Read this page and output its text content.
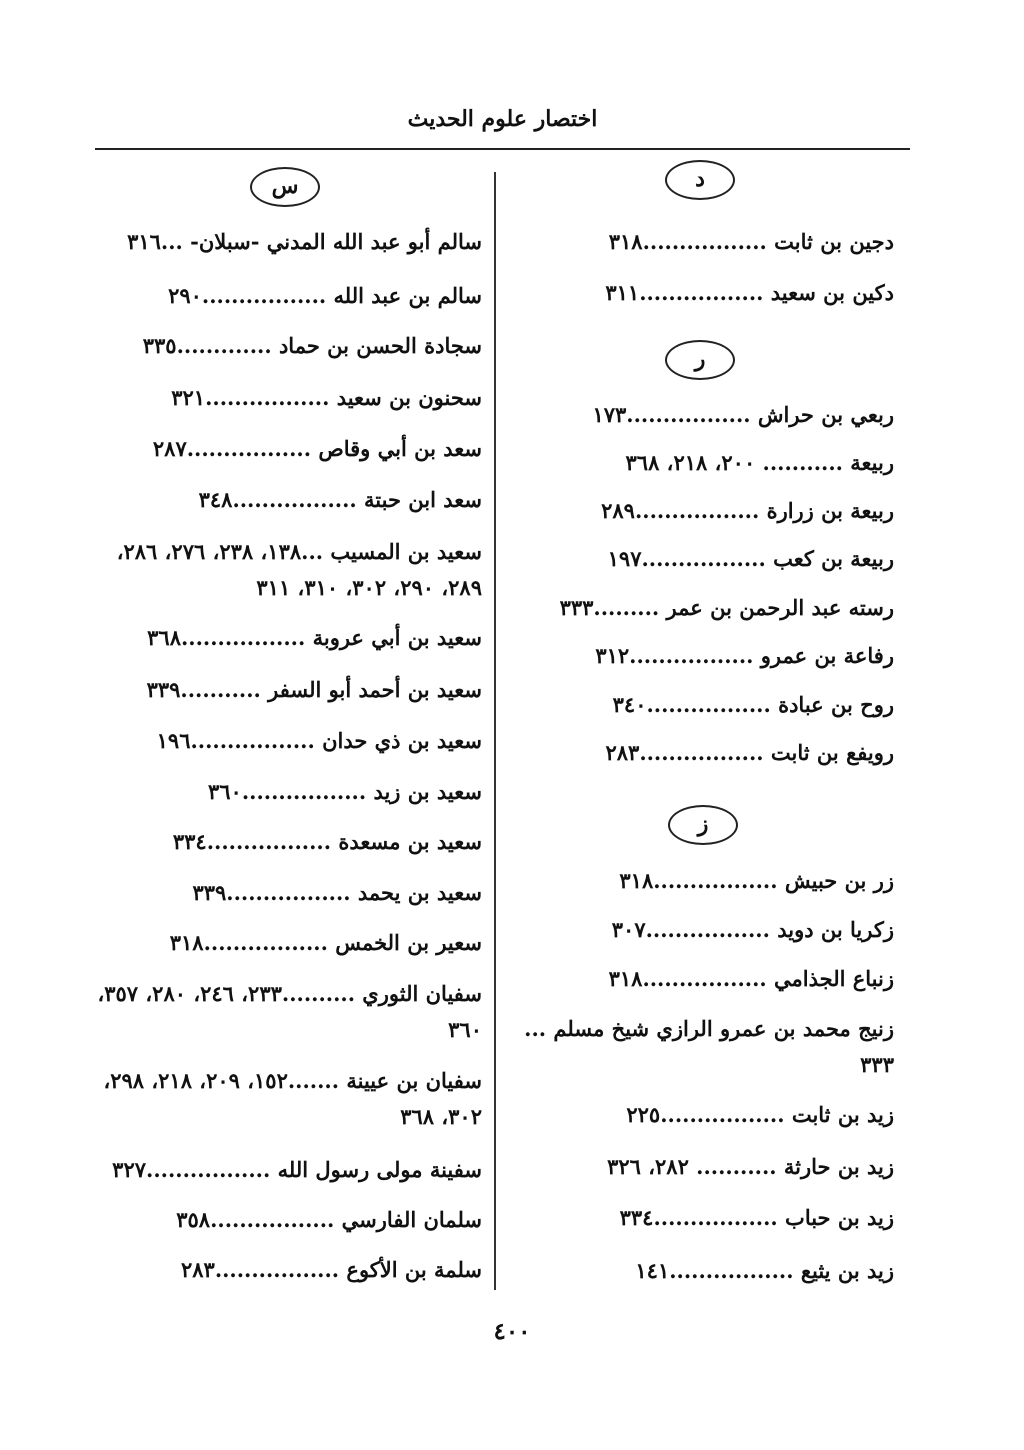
اختصار علوم الحديث
د
دجين بن ثابت .................٣١٨
دكين بن سعيد .................٣١١
ر
ربعي بن حراش .................١٧٣
ربيعة ........... ٢٠٠، ٢١٨، ٣٦٨
ربيعة بن زرارة .................٢٨٩
ربيعة بن كعب .................١٩٧
رسته عبد الرحمن بن عمر .........٣٣٣
رفاعة بن عمرو .................٣١٢
روح بن عبادة .................٣٤٠
رويفع بن ثابت .................٢٨٣
ز
زر بن حبيش .................٣١٨
زكريا بن دويد .................٣٠٧
زنباع الجذامي .................٣١٨
زنيج محمد بن عمرو الرازي شيخ مسلم ... ٣٣٣
زيد بن ثابت .................٢٢٥
زيد بن حارثة ........... ٢٨٢، ٣٢٦
زيد بن حباب .................٣٣٤
زيد بن يثيع .................١٤١
س
سالم أبو عبد الله المدني -سبلان- ...٣١٦
سالم بن عبد الله .................٢٩٠
سجادة الحسن بن حماد .............٣٣٥
سحنون بن سعيد .................٣٢١
سعد بن أبي وقاص .................٢٨٧
سعد ابن حبتة .................٣٤٨
سعيد بن المسيب ...١٣٨، ٢٣٨، ٢٧٦، ٢٨٦، ٢٨٩، ٢٩٠، ٣٠٢، ٣١٠، ٣١١
سعيد بن أبي عروبة .................٣٦٨
سعيد بن أحمد أبو السفر ...........٣٣٩
سعيد بن ذي حدان .................١٩٦
سعيد بن زيد .................٣٦٠
سعيد بن مسعدة .................٣٣٤
سعيد بن يحمد .................٣٣٩
سعير بن الخمس .................٣١٨
سفيان الثوري ..........٢٣٣، ٢٤٦، ٢٨٠، ٣٥٧، ٣٦٠
سفيان بن عيينة .......١٥٢، ٢٠٩، ٢١٨، ٢٩٨، ٣٠٢، ٣٦٨
سفينة مولى رسول الله .................٣٢٧
سلمان الفارسي .................٣٥٨
سلمة بن الأكوع .................٢٨٣
٤٠٠
